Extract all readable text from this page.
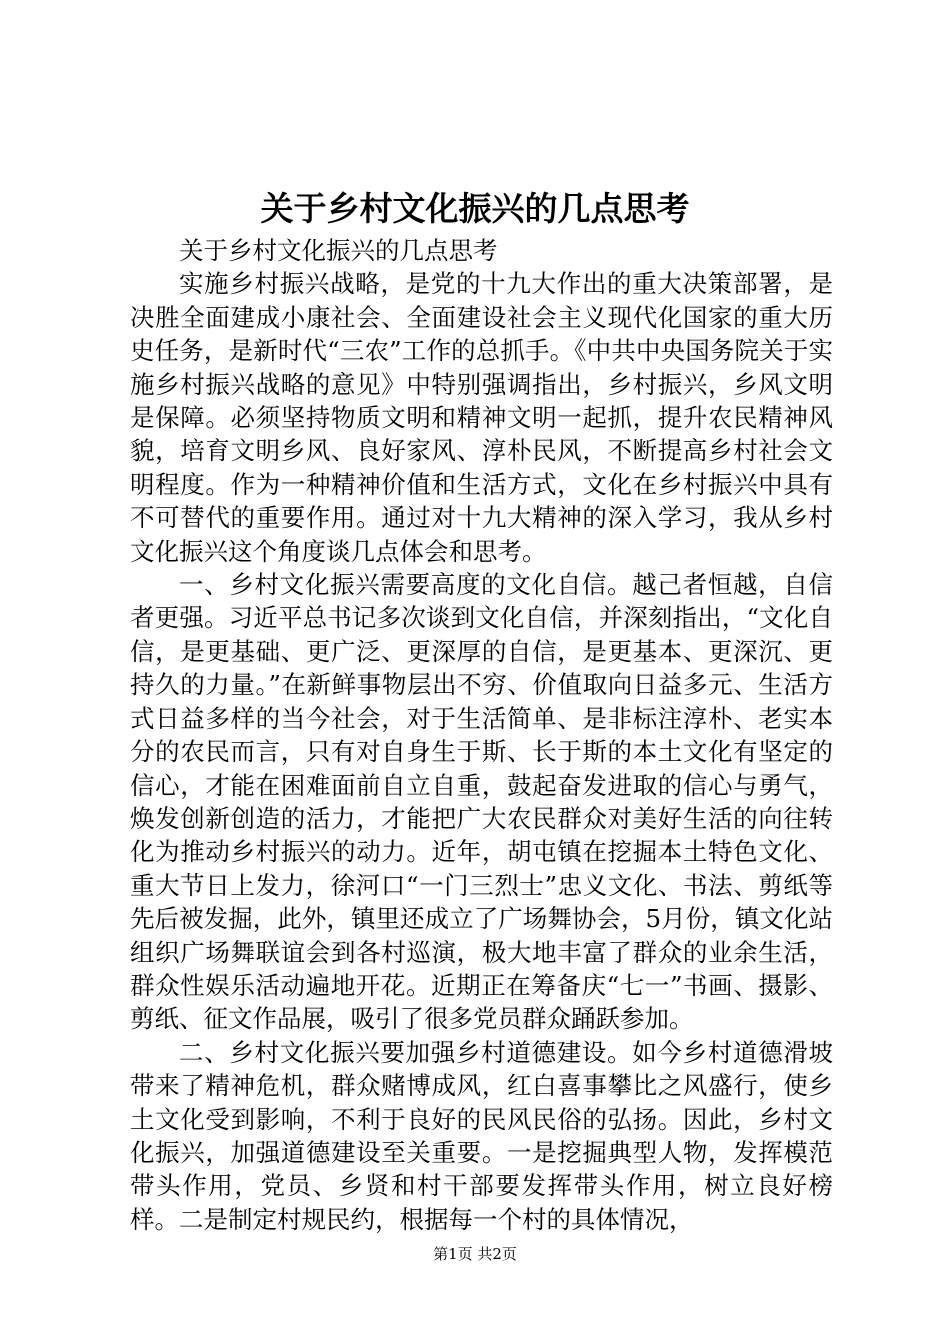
关于乡村文化振兴的几点思考

关于乡村文化振兴的几点思考

实施乡村振兴战略，是党的十九大作出的重大决策部署，是决胜全面建成小康社会、全面建设社会主义现代化国家的重大历史任务，是新时代“三农”工作的总抓手。《中共中央国务院关于实施乡村振兴战略的意见》中特别强调指出，乡村振兴，乡风文明是保障。必须坚持物质文明和精神文明一起抓，提升农民精神风貌，培育文明乡风、良好家风、淳朴民风，不断提高乡村社会文明程度。作为一种精神价值和生活方式，文化在乡村振兴中具有不可替代的重要作用。通过对十九大精神的深入学习，我从乡村文化振兴这个角度谈几点体会和思考。

一、乡村文化振兴需要高度的文化自信。越己者恒越，自信者更强。习近平总书记多次谈到文化自信，并深刻指出，“文化自信，是更基础、更广泛、更深厚的自信，是更基本、更深沉、更持久的力量。”在新鲜事物层出不穷、价值取向日益多元、生活方式日益多样的当今社会，对于生活简单、是非标注淳朴、老实本分的农民而言，只有对自身生于斯、长于斯的本土文化有坚定的信心，才能在困难面前自立自重，鼓起奋发进取的信心与勇气，焕发创新创造的活力，才能把广大农民群众对美好生活的向往转化为推动乡村振兴的动力。近年，胡屯镇在挖掘本土特色文化、重大节日上发力，徐河口“一门三烈士”忠义文化、书法、剪纸等先后被发掘，此外，镇里还成立了广场舞协会，5月份，镇文化站组织广场舞联谊会到各村巡演，极大地丰富了群众的业余生活，群众性娱乐活动遍地开花。近期正在筹备庆“七一”书画、摄影、剪纸、征文作品展，吸引了很多党员群众踊跃参加。

二、乡村文化振兴要加强乡村道德建设。如今乡村道德滑坡带来了精神危机，群众赌博成风，红白喜事攀比之风盛行，使乡土文化受到影响，不利于良好的民风民俗的弘扬。因此，乡村文化振兴，加强道德建设至关重要。一是挖掘典型人物，发挥模范带头作用，党员、乡贤和村干部要发挥带头作用，树立良好榜样。二是制定村规民约，根据每一个村的具体情况，

第1页 共2页
